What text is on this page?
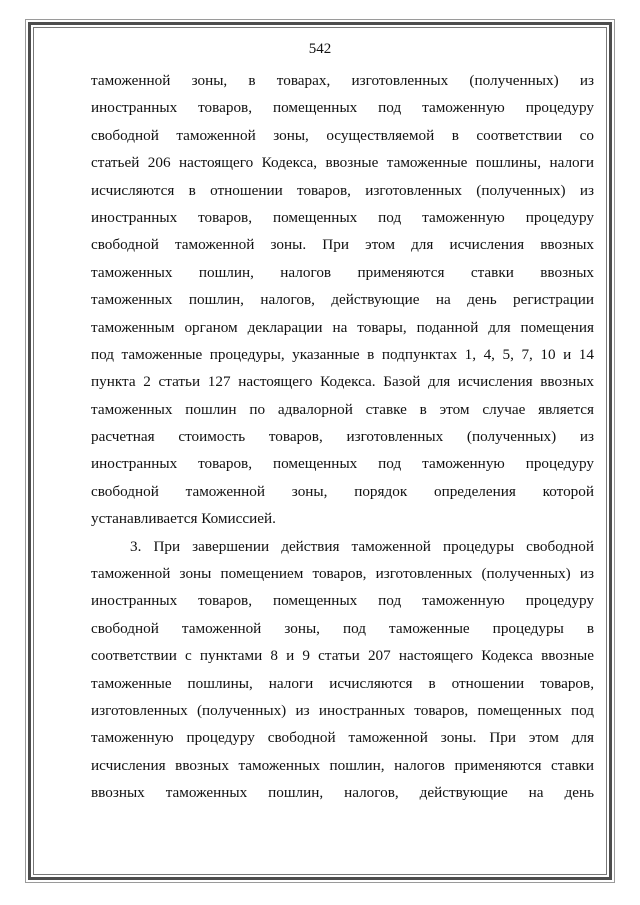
542
таможенной зоны, в товарах, изготовленных (полученных) из
иностранных товаров, помещенных под таможенную процедуру
свободной таможенной зоны, осуществляемой в соответствии со
статьей 206 настоящего Кодекса, ввозные таможенные пошлины, налоги
исчисляются в отношении товаров, изготовленных (полученных) из
иностранных товаров, помещенных под таможенную процедуру
свободной таможенной зоны. При этом для исчисления ввозных
таможенных пошлин, налогов применяются ставки ввозных
таможенных пошлин, налогов, действующие на день регистрации
таможенным органом декларации на товары, поданной для помещения
под таможенные процедуры, указанные в подпунктах 1, 4, 5, 7, 10 и 14
пункта 2 статьи 127 настоящего Кодекса. Базой для исчисления ввозных
таможенных пошлин по адвалорной ставке в этом случае является
расчетная стоимость товаров, изготовленных (полученных) из
иностранных товаров, помещенных под таможенную процедуру
свободной таможенной зоны, порядок определения которой
устанавливается Комиссией.
3. При завершении действия таможенной процедуры свободной
таможенной зоны помещением товаров, изготовленных (полученных) из
иностранных товаров, помещенных под таможенную процедуру
свободной таможенной зоны, под таможенные процедуры в
соответствии с пунктами 8 и 9 статьи 207 настоящего Кодекса ввозные
таможенные пошлины, налоги исчисляются в отношении товаров,
изготовленных (полученных) из иностранных товаров, помещенных под
таможенную процедуру свободной таможенной зоны. При этом для
исчисления ввозных таможенных пошлин, налогов применяются ставки
ввозных таможенных пошлин, налогов, действующие на день
